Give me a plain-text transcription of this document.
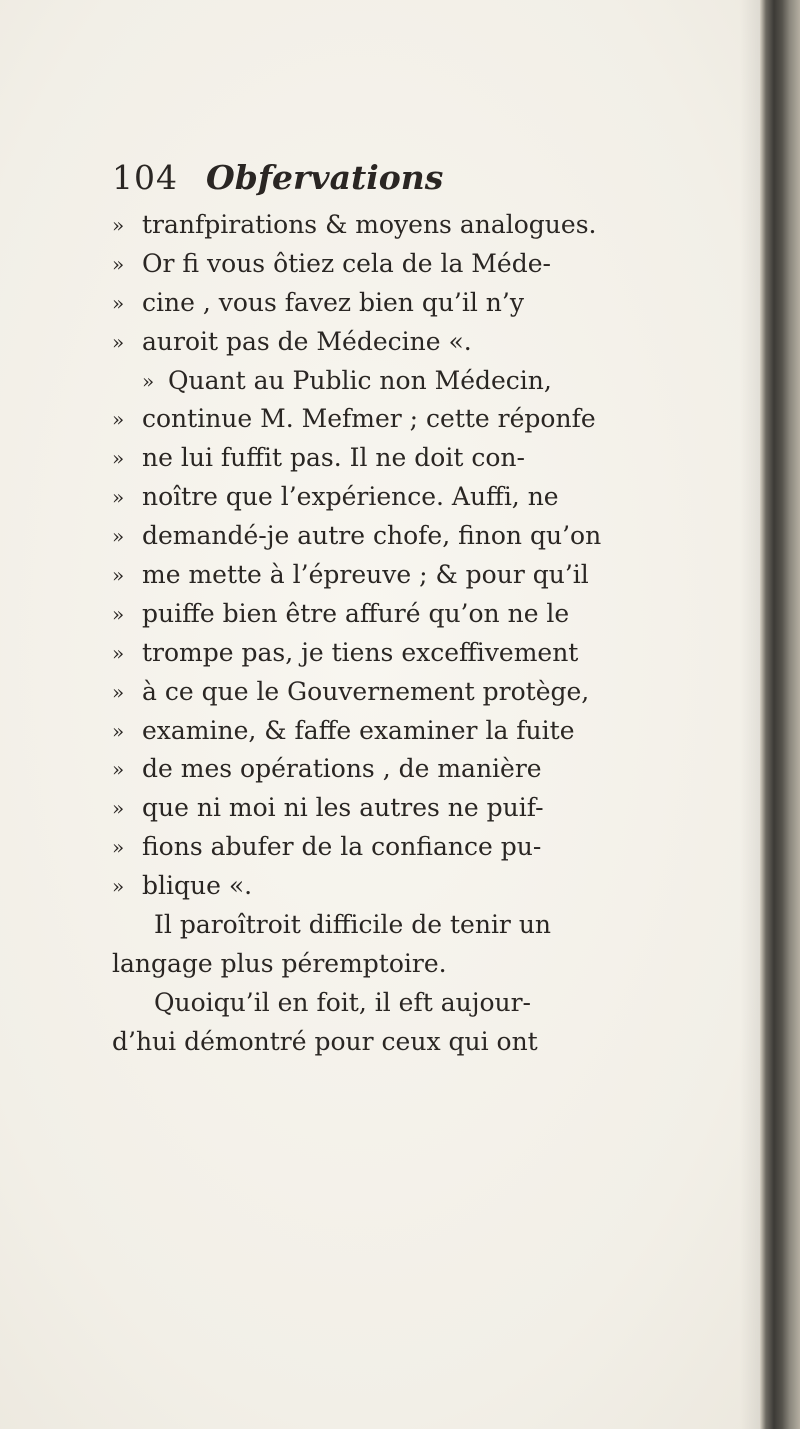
104 Obfervations
» tranfpirations & moyens analogues.
» Or fi vous ôtiez cela de la Méde-
» cine , vous favez bien qu’il n’y
» auroit pas de Médecine «.
» Quant au Public non Médecin,
» continue M. Mefmer ; cette réponfe
» ne lui fuffit pas. Il ne doit con-
» noître que l’expérience. Auffi, ne
» demandé-je autre chofe, finon qu’on
» me mette à l’épreuve ; & pour qu’il
» puiffe bien être affuré qu’on ne le
» trompe pas, je tiens exceffivement
» à ce que le Gouvernement protège,
» examine, & faffe examiner la fuite
» de mes opérations , de manière
» que ni moi ni les autres ne puif-
» fions abufer de la confiance pu-
» blique «.
Il paroîtroit difficile de tenir un
langage plus péremptoire.
Quoiqu’il en foit, il eft aujour-
d’hui démontré pour ceux qui ont
